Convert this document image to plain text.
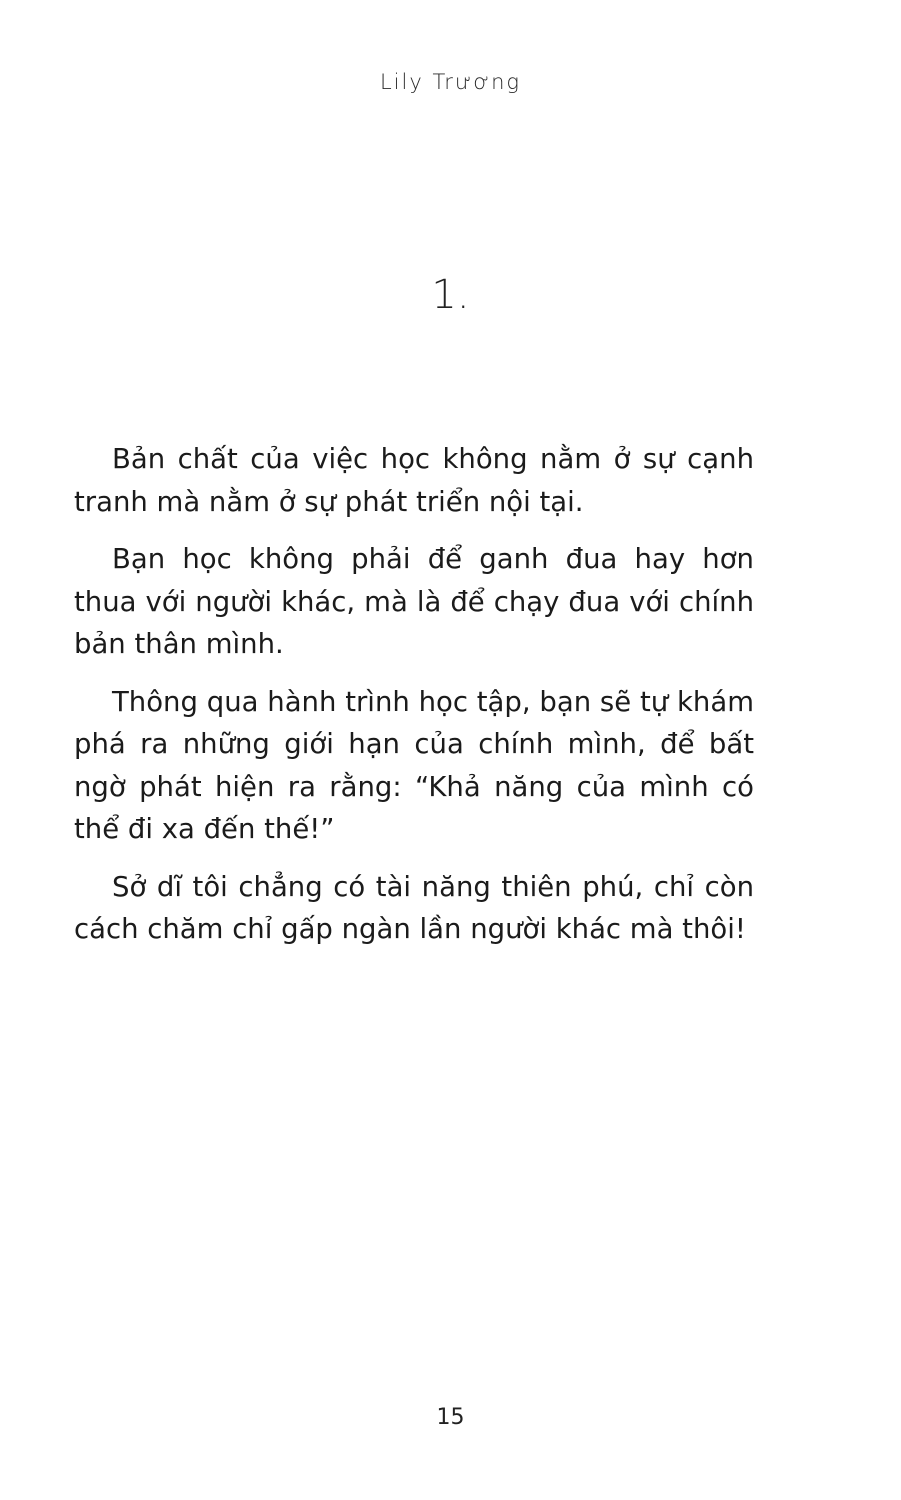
Lily Trương
1.

Bản chất của việc học không nằm ở sự cạnh tranh mà nằm ở sự phát triển nội tại.

Bạn học không phải để ganh đua hay hơn thua với người khác, mà là để chạy đua với chính bản thân mình.

Thông qua hành trình học tập, bạn sẽ tự khám phá ra những giới hạn của chính mình, để bất ngờ phát hiện ra rằng: “Khả năng của mình có thể đi xa đến thế!”

Sở dĩ tôi chẳng có tài năng thiên phú, chỉ còn cách chăm chỉ gấp ngàn lần người khác mà thôi!

15
